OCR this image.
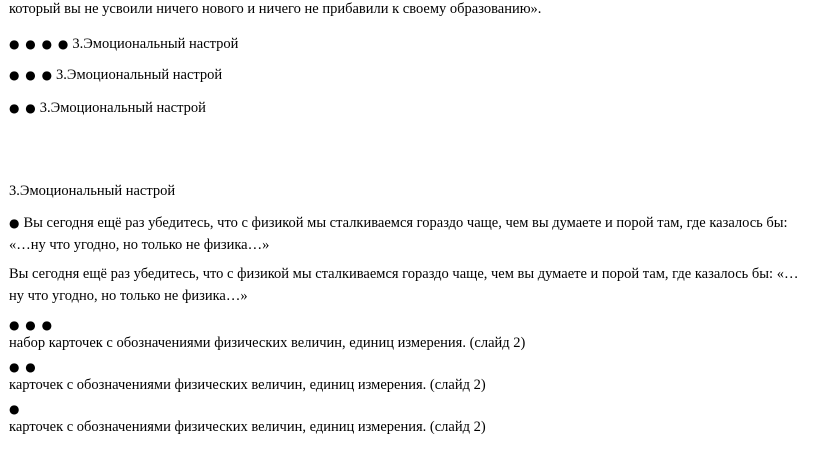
который вы не усвоили ничего нового и ничего не прибавили к своему образованию».
● ● ● ● 3.Эмоциональный настрой
● ● ● 3.Эмоциональный настрой
● ● 3.Эмоциональный настрой
3.Эмоциональный настрой
● Вы сегодня ещё раз убедитесь, что с физикой мы сталкиваемся гораздо чаще, чем вы думаете и порой там, где казалось бы: «…ну что угодно, но только не физика…»
Вы сегодня ещё раз убедитесь, что с физикой мы сталкиваемся гораздо чаще, чем вы думаете и порой там, где казалось бы: «…ну что угодно, но только не физика…»
● ● ●
набор карточек с обозначениями физических величин, единиц измерения. (слайд 2)
● ●
карточек с обозначениями физических величин, единиц измерения. (слайд 2)
●
карточек с обозначениями физических величин, единиц измерения. (слайд 2)
